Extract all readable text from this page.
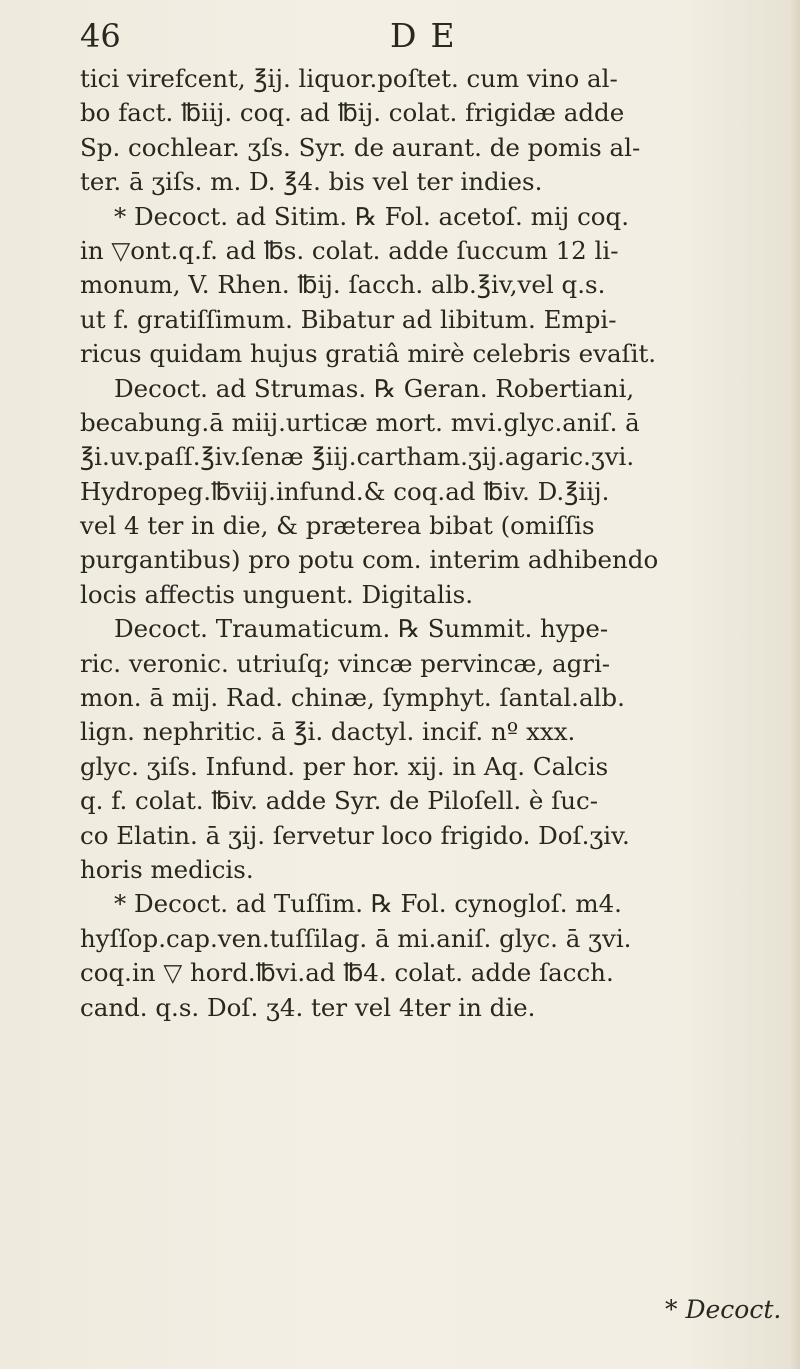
46	DE
tici virefcent, ℥ij. liquor.poſtet. cum vino al-
bo fact. ℔iij. coq. ad ℔ij. colat. frigidæ adde
Sp. cochlear. ʒſs. Syr. de aurant. de pomis al-
ter. ā ʒiſs. m. D. ℥4. bis vel ter indies.
* Decoct. ad Sitim. ℞ Fol. acetoſ. mij coq.
in ▽ont.q.f. ad ℔s. colat. adde ſuccum 12 li-
monum, V. Rhen. ℔ij. ſacch. alb.℥iv,vel q.s.
ut f. gratiſſimum. Bibatur ad libitum. Empi-
ricus quidam hujus gratiâ mirè celebris evaſit.
Decoct. ad Strumas. ℞ Geran. Robertiani,
becabung.ā miij.urticæ mort. mvi.glyc.aniſ. ā
℥i.uv.paſſ.℥iv.ſenæ ℥iij.cartham.ʒij.agaric.ʒvi.
Hydropeg.℔viij.infund.& coq.ad ℔iv. D.℥iij.
vel 4 ter in die, & præterea bibat (omiſſis
purgantibus) pro potu com. interim adhibendo
locis affectis unguent. Digitalis.
Decoct. Traumaticum. ℞ Summit. hype-
ric. veronic. utriuſq; vincæ pervincæ, agri-
mon. ā mij. Rad. chinæ, ſymphyt. ſantal.alb.
lign. nephritic. ā ℥i. dactyl. incif. nº xxx.
glyc. ʒiſs. Infund. per hor. xij. in Aq. Calcis
q. f. colat. ℔iv. adde Syr. de Piloſell. è ſuc-
co Elatin. ā ʒij. ſervetur loco frigido. Doſ.ʒiv.
horis medicis.
* Decoct. ad Tuſſim. ℞ Fol. cynogloſ. m4.
hyſſop.cap.ven.tuſſilag. ā mi.aniſ. glyc. ā ʒvi.
coq.in ▽ hord.℔vi.ad ℔4. colat. adde ſacch.
cand. q.s. Doſ. ʒ4. ter vel 4ter in die.
* Decoct.
